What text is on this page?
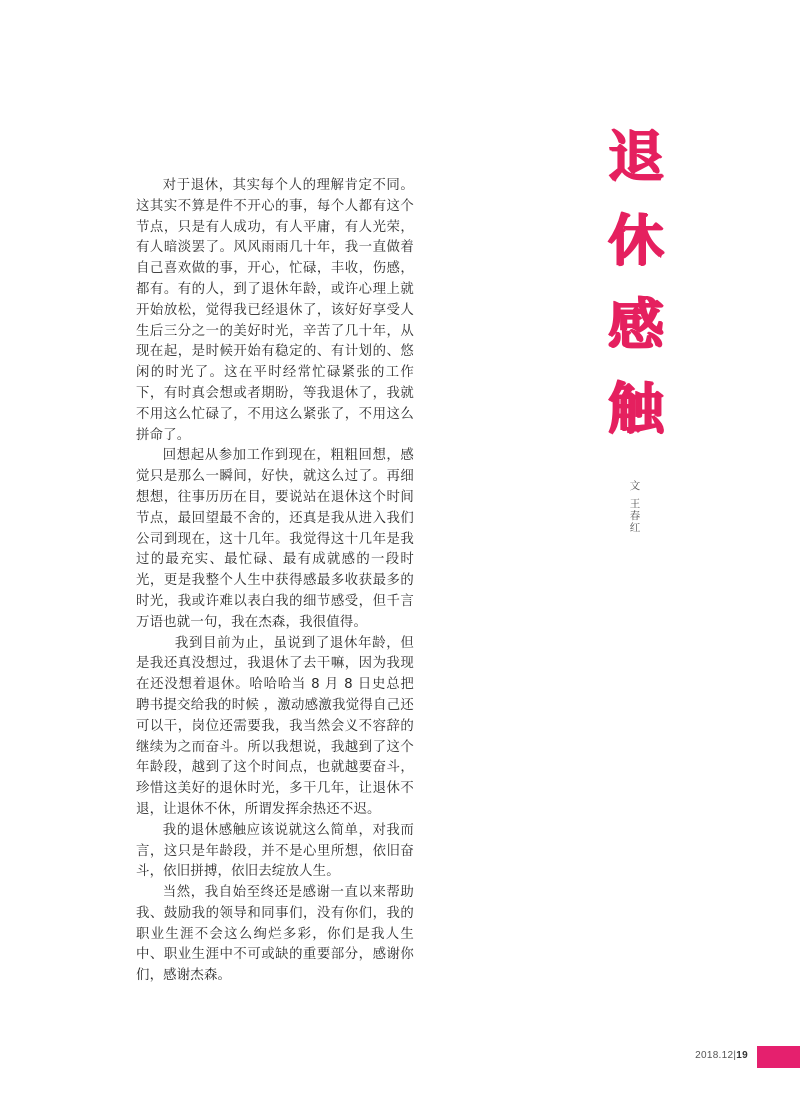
对于退休，其实每个人的理解肯定不同。这其实不算是件不开心的事，每个人都有这个节点，只是有人成功，有人平庸，有人光荣，有人暗淡罢了。风风雨雨几十年，我一直做着自己喜欢做的事，开心，忙碌，丰收，伤感，都有。有的人，到了退休年龄，或许心理上就开始放松，觉得我已经退休了，该好好享受人生后三分之一的美好时光，辛苦了几十年，从现在起，是时候开始有稳定的、有计划的、悠闲的时光了。这在平时经常忙碌紧张的工作下，有时真会想或者期盼，等我退休了，我就不用这么忙碌了，不用这么紧张了，不用这么拼命了。

回想起从参加工作到现在，粗粗回想，感觉只是那么一瞬间，好快，就这么过了。再细想想，往事历历在目，要说站在退休这个时间节点，最回望最不舍的，还真是我从进入我们公司到现在，这十几年。我觉得这十几年是我过的最充实、最忙碌、最有成就感的一段时光，更是我整个人生中获得感最多收获最多的时光，我或许难以表白我的细节感受，但千言万语也就一句，我在杰森，我很值得。

我到目前为止，虽说到了退休年龄，但是我还真没想过，我退休了去干嘛，因为我现在还没想着退休。哈哈哈当 8 月 8 日史总把聘书提交给我的时候 ，激动感激我觉得自己还可以干，岗位还需要我，我当然会义不容辞的继续为之而奋斗。所以我想说，我越到了这个年龄段，越到了这个时间点，也就越要奋斗，珍惜这美好的退休时光，多干几年，让退休不退，让退休不休，所谓发挥余热还不迟。

我的退休感触应该说就这么简单，对我而言，这只是年龄段，并不是心里所想，依旧奋斗，依旧拼搏，依旧去绽放人生。

当然，我自始至终还是感谢一直以来帮助我、鼓励我的领导和同事们，没有你们，我的职业生涯不会这么绚烂多彩，你们是我人生中、职业生涯中不可或缺的重要部分，感谢你们，感谢杰森。

退
休
感
触
文
王
春
红
2018.12|19
